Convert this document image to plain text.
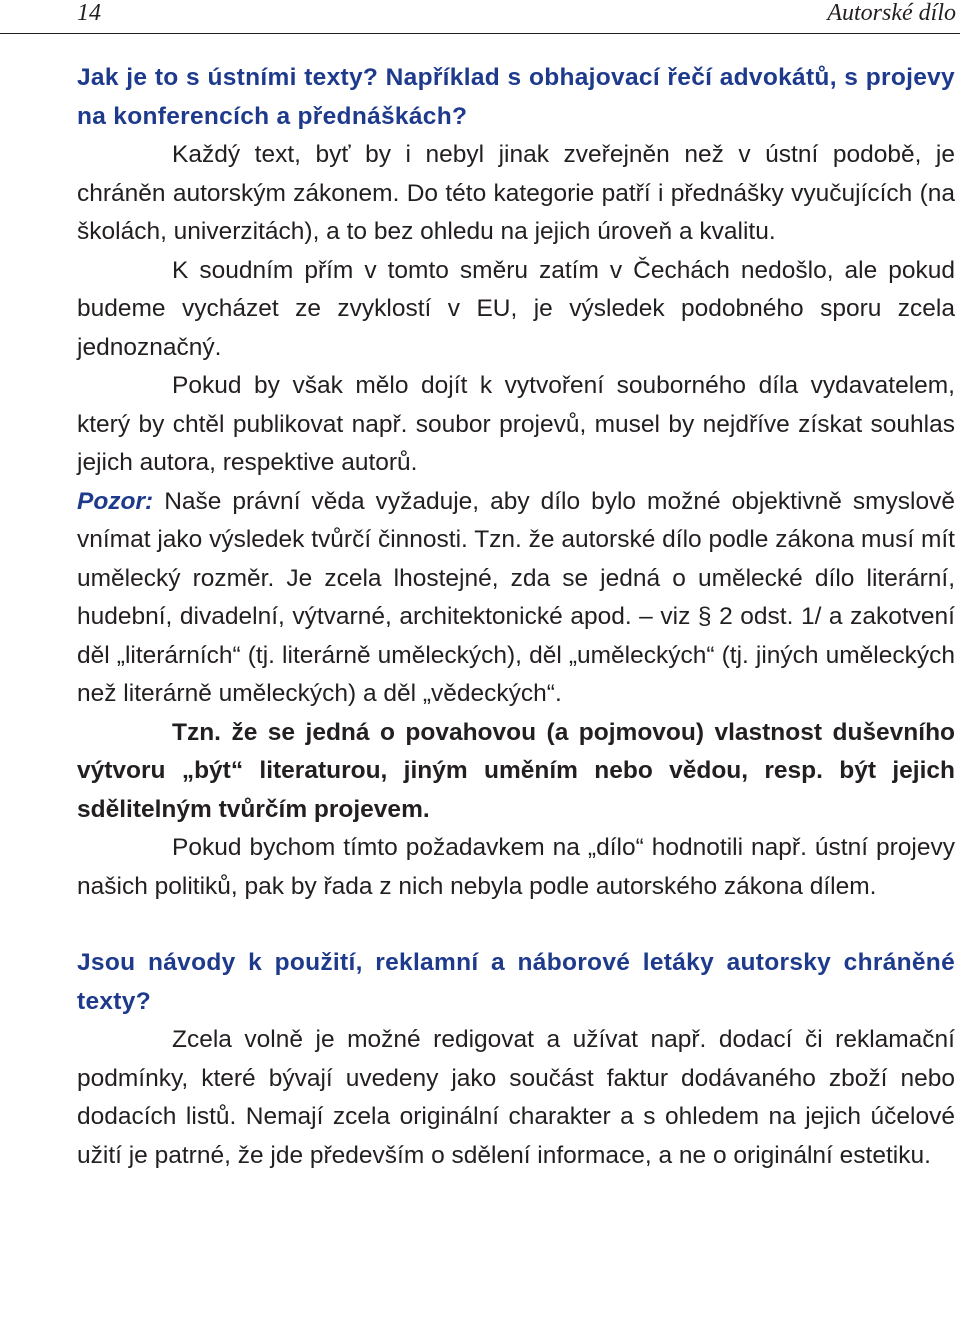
14	Autorské dílo

Jak je to s ústními texty? Například s obhajovací řečí advokátů, s projevy na konferencích a přednáškách?

Každý text, byť by i nebyl jinak zveřejněn než v ústní podobě, je chráněn autorským zákonem. Do této kategorie patří i přednášky vyučujících (na školách, univerzitách), a to bez ohledu na jejich úroveň a kvalitu.

K soudním přím v tomto směru zatím v Čechách nedošlo, ale pokud budeme vycházet ze zvyklostí v EU, je výsledek podobného sporu zcela jednoznačný.

Pokud by však mělo dojít k vytvoření souborného díla vydavatelem, který by chtěl publikovat např. soubor projevů, musel by nejdříve získat souhlas jejich autora, respektive autorů.

Pozor: Naše právní věda vyžaduje, aby dílo bylo možné objektivně smyslově vnímat jako výsledek tvůrčí činnosti. Tzn. že autorské dílo podle zákona musí mít umělecký rozměr. Je zcela lhostejné, zda se jedná o umělecké dílo literární, hudební, divadelní, výtvarné, architektonické apod. – viz § 2 odst. 1/ a zakotvení děl „literárních“ (tj. literárně uměleckých), děl „uměleckých“ (tj. jiných uměleckých než literárně uměleckých) a děl „vědeckých“.

Tzn. že se jedná o povahovou (a pojmovou) vlastnost duševního výtvoru „být“ literaturou, jiným uměním nebo vědou, resp. být jejich sdělitelným tvůrčím projevem.

Pokud bychom tímto požadavkem na „dílo“ hodnotili např. ústní projevy našich politiků, pak by řada z nich nebyla podle autorského zákona dílem.

Jsou návody k použití, reklamní a náborové letáky autorsky chráněné texty?

Zcela volně je možné redigovat a užívat např. dodací či reklamační podmínky, které bývají uvedeny jako součást faktur dodávaného zboží nebo dodacích listů. Nemají zcela originální charakter a s ohledem na jejich účelové užití je patrné, že jde především o sdělení informace, a ne o originální estetiku.
